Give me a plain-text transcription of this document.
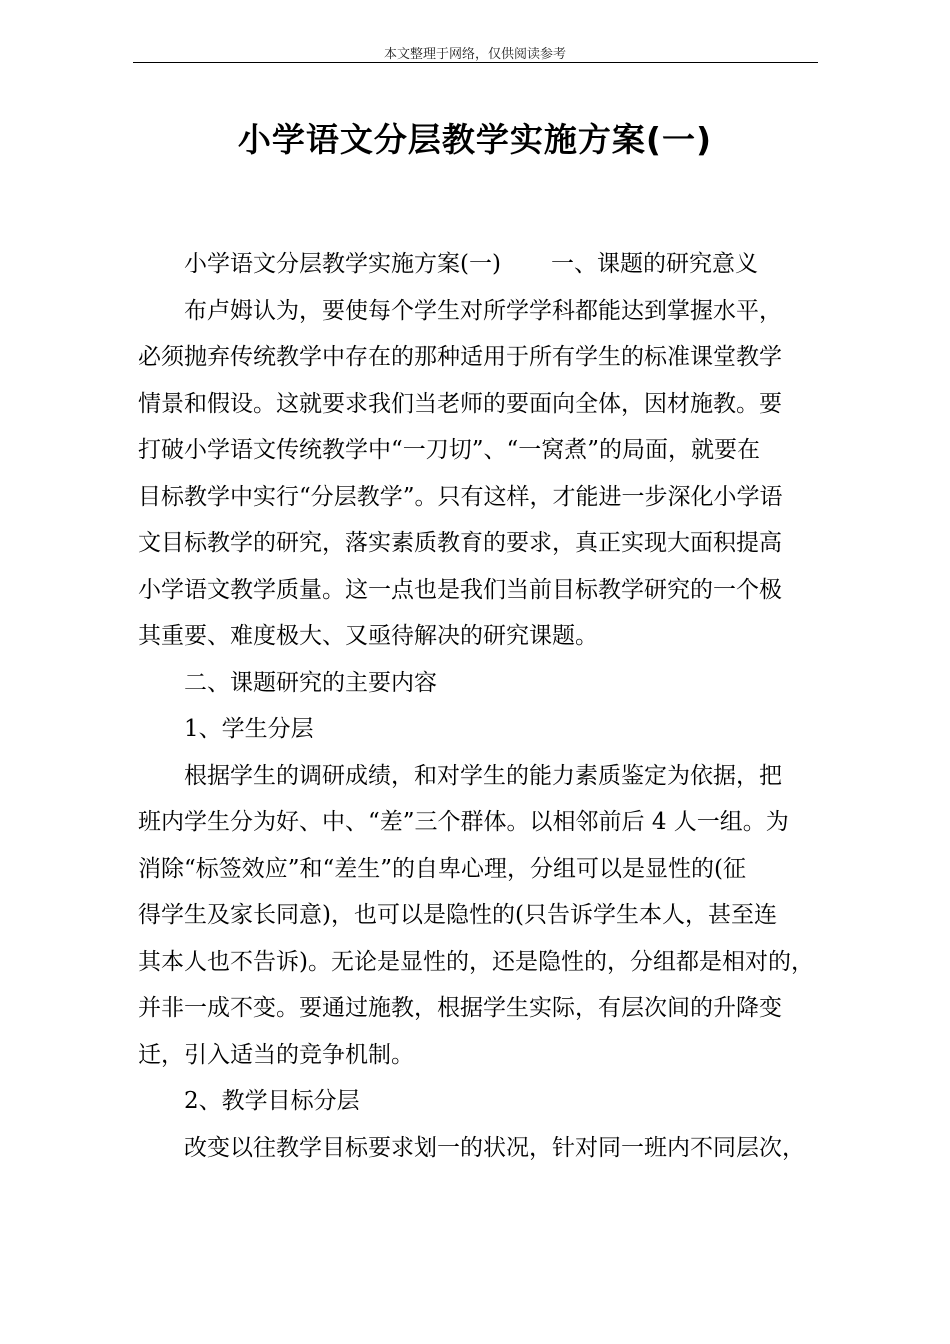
本文整理于网络，仅供阅读参考
小学语文分层教学实施方案(一)
小学语文分层教学实施方案(一) 一、课题的研究意义
布卢姆认为，要使每个学生对所学学科都能达到掌握水平，
必须抛弃传统教学中存在的那种适用于所有学生的标准课堂教学
情景和假设。这就要求我们当老师的要面向全体，因材施教。要
打破小学语文传统教学中“一刀切”、“一窝煮”的局面，就要在
目标教学中实行“分层教学”。只有这样，才能进一步深化小学语
文目标教学的研究，落实素质教育的要求，真正实现大面积提高
小学语文教学质量。这一点也是我们当前目标教学研究的一个极
其重要、难度极大、又亟待解决的研究课题。
二、课题研究的主要内容
1、学生分层
根据学生的调研成绩，和对学生的能力素质鉴定为依据，把
班内学生分为好、中、“差”三个群体。以相邻前后 4 人一组。为
消除“标签效应”和“差生”的自卑心理，分组可以是显性的(征
得学生及家长同意)，也可以是隐性的(只告诉学生本人，甚至连
其本人也不告诉)。无论是显性的，还是隐性的，分组都是相对的，
并非一成不变。要通过施教，根据学生实际，有层次间的升降变
迁，引入适当的竞争机制。
2、教学目标分层
改变以往教学目标要求划一的状况，针对同一班内不同层次，
